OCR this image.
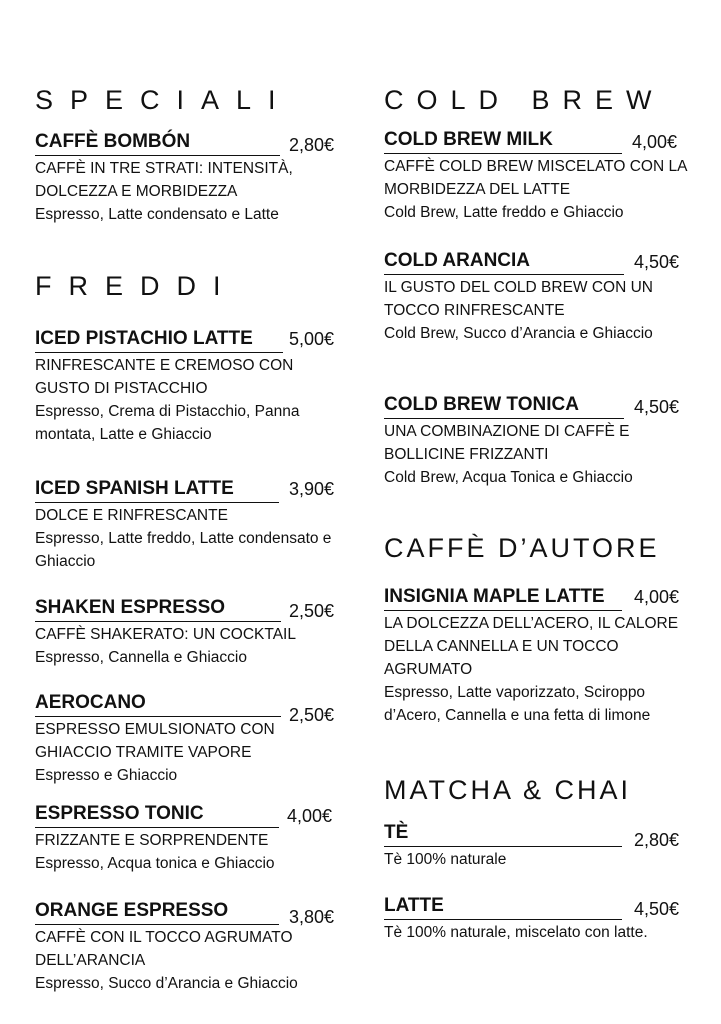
SPECIALI
CAFFÈ BOMBÓN	2,80€

CAFFÈ IN TRE STRATI: INTENSITÀ, DOLCEZZA E MORBIDEZZA

Espresso, Latte condensato e Latte

FREDDI
ICED PISTACHIO LATTE 5,00€

RINFRESCANTE E CREMOSO CON GUSTO DI PISTACCHIO

Espresso, Crema di Pistacchio, Panna montata, Latte e Ghiaccio

ICED SPANISH LATTE	3,90€

DOLCE E RINFRESCANTE

Espresso, Latte freddo, Latte condensato e Ghiaccio

SHAKEN ESPRESSO	2,50€

CAFFÈ SHAKERATO: UN COCKTAIL

Espresso, Cannella e Ghiaccio

AEROCANO
2,50€

ESPRESSO EMULSIONATO CON GHIACCIO TRAMITE VAPORE

Espresso e Ghiaccio

ESPRESSO TONIC	4,00€

FRIZZANTE E SORPRENDENTE

Espresso, Acqua tonica e Ghiaccio

ORANGE ESPRESSO	3,80€

CAFFÈ CON IL TOCCO AGRUMATO DELL’ARANCIA

Espresso, Succo d’Arancia e Ghiaccio

COLD BREW
COLD BREW MILK	4,00€

CAFFÈ COLD BREW MISCELATO CON LA MORBIDEZZA DEL LATTE

Cold Brew, Latte freddo e Ghiaccio

COLD ARANCIA	4,50€

IL GUSTO DEL COLD BREW CON UN TOCCO RINFRESCANTE

Cold Brew, Succo d’Arancia e Ghiaccio

COLD BREW TONICA	4,50€

UNA COMBINAZIONE DI CAFFÈ E BOLLICINE FRIZZANTI

Cold Brew, Acqua Tonica e Ghiaccio

CAFFÈ D’AUTORE
INSIGNIA MAPLE LATTE 4,00€

LA DOLCEZZA DELL’ACERO, IL CALORE DELLA CANNELLA E UN TOCCO AGRUMATO

Espresso, Latte vaporizzato, Sciroppo d’Acero, Cannella e una fetta di limone

MATCHA & CHAI
TÈ	2,80€

Tè 100% naturale

LATTE	4,50€

Tè 100% naturale, miscelato con latte.
